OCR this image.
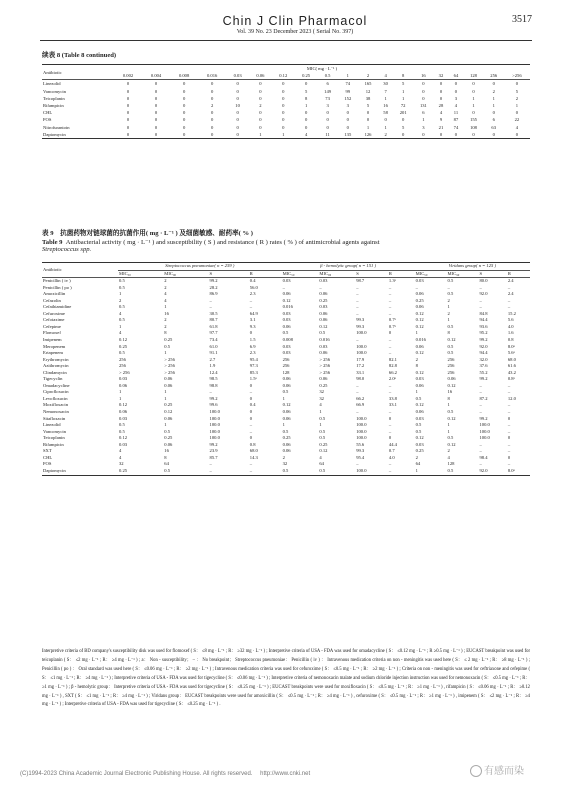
Chin J Clin Pharmacol	3517
Vol. 39 No. 23 December 2023 ( Serial No. 397)
续表 8 (Table 8 continued)
Antibiotic	MIC( mg · L⁻¹ )																		
	0.002	0.004	0.008	0.016	0.03	0.06	0.12	0.25	0.5	1	2	4	8	16	32	64	128	256	>256
Linezolid	0	0	0	0	0	0	0	0	6	74	165	30	5	0	0	0	0	0	0
Vancomycin	0	0	0	0	0	0	0	5	149	99	12	7	1	0	0	0	0	2	5
Teicoplanin	0	0	0	0	0	0	0	8	73	152	38	1	1	0	0	3	1	1	2
Rifampicin	0	0	0	2	10	2	0	1	3	3	5	16	72	131	28	4	1	1	1
CHL	0	0	0	0	0	0	0	0	0	0	0	58	201	6	4	11	0	0	0
FOS	0	0	0	0	0	0	0	0	0	0	0	0	0	1	9	87	155	6	22
Nitrofurantoin	0	0	0	0	0	0	0	0	0	0	1	1	5	3	21	74	108	63	4
Daptomycin	0	0	0	0	0	1	1	4	11	135	126	2	0	0	0	0	0	0	0
表 9　抗菌药物对链球菌的抗菌作用( mg · L⁻¹ ) 及细菌敏感、耐药率( % )
Table 9 Antibacterial activity ( mg · L⁻¹ ) and susceptibility ( S ) and resistance ( R ) rates ( % ) of antimicrobial agents against
Streptococcus spp.
Antibiotic	Streptococcus pneumoniae( n = 259 )				β - hemolytic group( n = 151 )				Viridans group( n = 125 )			
	MIC₅₀	MIC₉₀	S	R	MIC₅₀	MIC₉₀	S	R	MIC₅₀	MIC₉₀	S	R
Penicillin ( iv )	0.5	2	99.2	0.4	0.03	0.03	98.7	1.3ᵃ	0.03	0.5	80.0	2.4
Penicillin ( po )	0.5	2	28.2	56.0	–	–	–	–	–	–	–	–
Amoxicillin	1	4	86.9	2.3	0.06	0.06	–	–	0.06	0.5	92.0	2.4
Cefazolin	2	4	–	–	0.12	0.25	–	–	0.25	2	–	–
Cefathiamidine	0.5	1	–	–	0.016	0.03	–	–	0.06	1	–	–
Cefuroxime	4	16	30.5	64.9	0.03	0.06	–	–	0.12	2	84.8	15.2
Cefotaxime	0.5	2	80.7	3.1	0.03	0.06	99.3	0.7ᵃ	0.12	1	94.4	5.6
Cefepime	1	2	61.8	9.3	0.06	0.12	99.3	0.7ᵃ	0.12	0.5	93.6	4.0
Flomoxef	4	8	97.7	0	0.5	0.5	100.0	0	1	8	95.2	1.6
Imipenem	0.12	0.25	73.4	1.5	0.008	0.016	–	–	0.016	0.12	99.2	0.8
Meropenem	0.25	0.5	61.0	6.9	0.03	0.03	100.0	–	0.06	0.5	92.0	8.0ᵃ
Ertapenem	0.5	1	91.1	2.3	0.03	0.06	100.0	–	0.12	0.5	94.4	5.6ᵃ
Erythromycin	256	> 256	2.7	95.4	256	> 256	17.9	82.1	2	256	32.0	68.0
Azithromycin	256	> 256	1.9	97.3	256	> 256	17.2	82.8	8	256	37.6	61.6
Clindamycin	> 256	> 256	12.4	85.3	128	> 256	33.1	66.2	0.12	256	55.2	43.2
Tigecyclin	0.03	0.06	98.5	1.5ᵃ	0.06	0.06	98.0	2.0ᵃ	0.03	0.06	99.2	0.8ᵃ
Omadacycline	0.06	0.06	98.8	0	0.06	0.25	–	–	0.06	0.12	–	–
Ciprofloxacin	1	1	–	–	0.5	32	–	–	1	16	–	–
Levofloxacin	1	1	99.2	0	1	32	66.2	33.8	0.5	8	87.2	12.0
Moxifloxacin	0.12	0.25	99.6	0.4	0.12	4	66.9	33.1	0.12	1	–	–
Nemonoxacin	0.06	0.12	100.0	0	0.06	1	–	–	0.06	0.5	–	–
Sitafloxacin	0.03	0.06	100.0	0	0.06	0.5	100.0	0	0.03	0.12	99.2	0
Linezolid	0.5	1	100.0	–	1	1	100.0	–	0.5	1	100.0	–
Vancomycin	0.5	0.5	100.0	–	0.5	0.5	100.0	–	0.5	1	100.0	–
Teicoplanin	0.12	0.25	100.0	0	0.25	0.5	100.0	0	0.12	0.5	100.0	0
Rifampicin	0.03	0.06	99.2	0.8	0.06	0.25	55.6	44.4	0.03	0.12	–	–
SXT	4	16	23.9	68.0	0.06	0.12	99.3	0.7	0.25	2	–	–
CHL	4	8	85.7	14.3	2	4	95.4	4.0	2	4	98.4	0
FOS	32	64	–	–	32	64	–	–	64	128	–	–
Daptomycin	0.25	0.5	–	–	0.5	0.5	100.0	–	1	0.5	92.0	8.0ᵃ
Interpretive criteria of BD company's susceptibility disk was used for flomoxef ( S： ≤8 mg · L⁻¹ ; R： ≥32 mg · L⁻¹ ) ; Interpretive criteria of USA - FDA was used for omadacycline ( S： ≤0.12 mg · L⁻¹ ; R ≥0.5 mg · L⁻¹ ) ; EUCAST breakpoint was used for teicoplanin ( S： ≤2 mg · L⁻¹ ; R： ≥4 mg · L⁻¹ ) ; a： Non - susceptibility； – ： No breakpoint； Streptococcus pneumoniae： Penicillin ( iv ) ： Intravenous medication criteria on non - meningitis was used here ( S： ≤ 2 mg · L⁻¹ ; R： ≥8 mg · L⁻¹ ) ; Penicillin ( po ) ： Oral standard was used here ( S： ≤0.06 mg · L⁻¹ ; R： ≥2 mg · L⁻¹ ) ; Intravenous medication criteria was used for cefuroxime ( S： ≤0.5 mg · L⁻¹ ; R： ≥2 mg · L⁻¹ ) ; Criteria on non - meningitis was used for ceftriaxone and cefepime ( S： ≤1 mg · L⁻¹ ; R： ≥4 mg · L⁻¹ ) ; Interpretive criteria of USA - FDA was used for tigecycline ( S： ≤0.06 mg · L⁻¹ ) ; Interpretive criteria of nemonoxacin malate and sodium chloride injection instruction was used for nemonoxacin ( S： ≤0.5 mg · L⁻¹ ; R： ≥1 mg · L⁻¹ ) ; β - hemolytic group： Interpretive criteria of USA - FDA was used for tigecycline ( S： ≤0.25 mg · L⁻¹ ) ; EUCAST breakpoints were used for moxifloxacin ( S： ≤0.5 mg · L⁻¹ ; R： ≥1 mg · L⁻¹ ) , rifampicin ( S： ≤0.06 mg · L⁻¹ ; R： ≥0.12 mg · L⁻¹ ) , SXT ( S： ≤1 mg · L⁻¹ ; R： ≥4 mg · L⁻¹ ) ; Viridans group： EUCAST breakpoints were used for amoxicillin ( S： ≤0.5 mg · L⁻¹ ; R： ≥4 mg · L⁻¹ ) , cefuroxime ( S： ≤0.5 mg · L⁻¹ ; R： ≥1 mg · L⁻¹ ) , imipenem ( S： ≤2 mg · L⁻¹ ; R： ≥4 mg · L⁻¹ ) ; Interpretive criteria of USA - FDA was used for tigecycline ( S： ≤0.25 mg · L⁻¹ ) .
(C)1994-2023 China Academic Journal Electronic Publishing House. All rights reserved.　 http://www.cnki.net	有感而染
